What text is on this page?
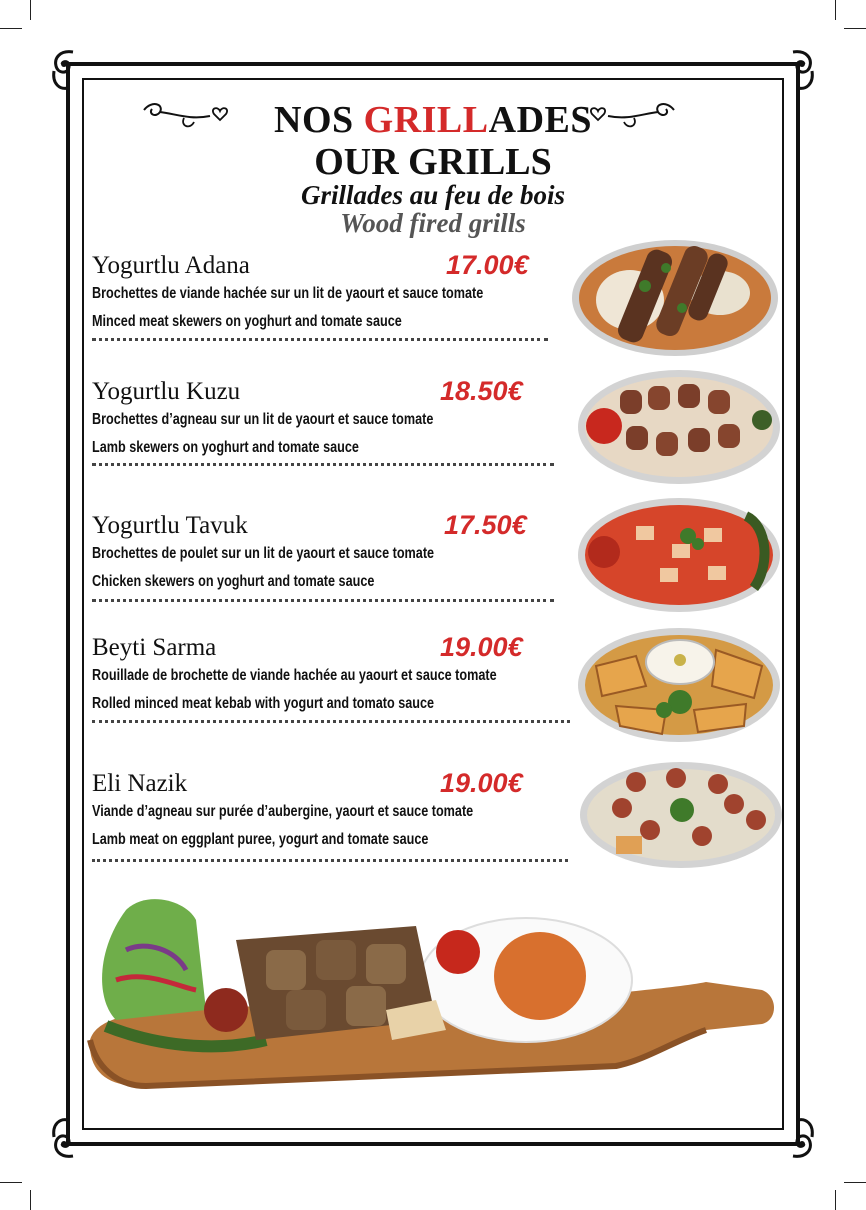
NOS GRILLADES
OUR GRILLS
Grillades au feu de bois
Wood fired grills
Yogurtlu Adana	17.00€
Brochettes de viande hachée sur un lit de yaourt et sauce tomate
Minced meat skewers on yoghurt and tomate sauce
Yogurtlu Kuzu	18.50€
Brochettes d’agneau sur un lit de yaourt et sauce tomate
Lamb skewers on yoghurt and tomate sauce
Yogurtlu Tavuk	17.50€
Brochettes de poulet sur un lit de yaourt et sauce tomate
Chicken skewers on yoghurt and tomate sauce
Beyti Sarma	19.00€
Rouillade de brochette de viande hachée au yaourt et sauce tomate
Rolled minced meat kebab with yogurt and tomato sauce
Eli Nazik	19.00€
Viande d’agneau sur purée d’aubergine, yaourt et sauce tomate
Lamb meat on eggplant puree, yogurt and tomate sauce
